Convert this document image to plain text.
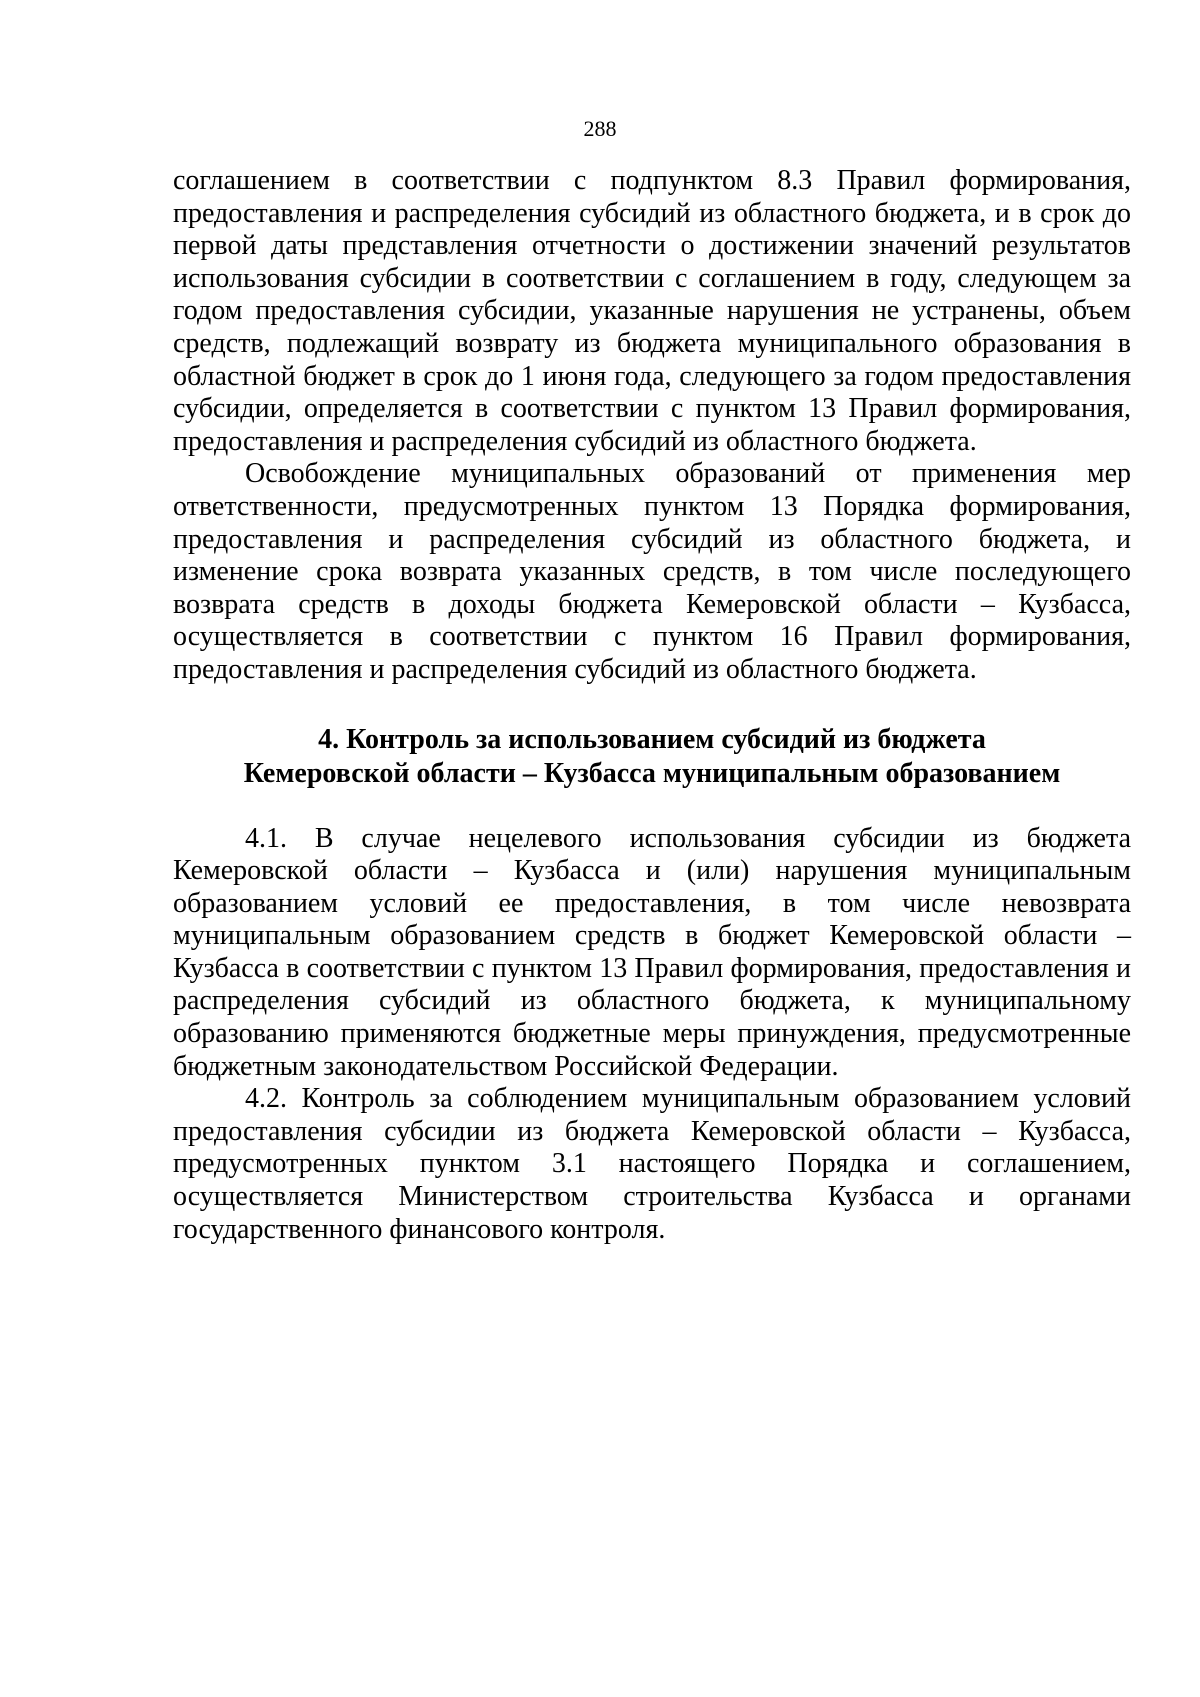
288

соглашением в соответствии с подпунктом 8.3 Правил формирования, предоставления и распределения субсидий из областного бюджета, и в срок до первой даты представления отчетности о достижении значений результатов использования субсидии в соответствии с соглашением в году, следующем за годом предоставления субсидии, указанные нарушения не устранены, объем средств, подлежащий возврату из бюджета муниципального образования в областной бюджет в срок до 1 июня года, следующего за годом предоставления субсидии, определяется в соответствии с пунктом 13 Правил формирования, предоставления и распределения субсидий из областного бюджета.

Освобождение муниципальных образований от применения мер ответственности, предусмотренных пунктом 13 Порядка формирования, предоставления и распределения субсидий из областного бюджета, и изменение срока возврата указанных средств, в том числе последующего возврата средств в доходы бюджета Кемеровской области – Кузбасса, осуществляется в соответствии с пунктом 16 Правил формирования, предоставления и распределения субсидий из областного бюджета.

4. Контроль за использованием субсидий из бюджета
Кемеровской области – Кузбасса муниципальным образованием

4.1. В случае нецелевого использования субсидии из бюджета Кемеровской области – Кузбасса и (или) нарушения муниципальным образованием условий ее предоставления, в том числе невозврата муниципальным образованием средств в бюджет Кемеровской области – Кузбасса в соответствии с пунктом 13 Правил формирования, предоставления и распределения субсидий из областного бюджета, к муниципальному образованию применяются бюджетные меры принуждения, предусмотренные бюджетным законодательством Российской Федерации.

4.2. Контроль за соблюдением муниципальным образованием условий предоставления субсидии из бюджета Кемеровской области – Кузбасса, предусмотренных пунктом 3.1 настоящего Порядка и соглашением, осуществляется Министерством строительства Кузбасса и органами государственного финансового контроля.
